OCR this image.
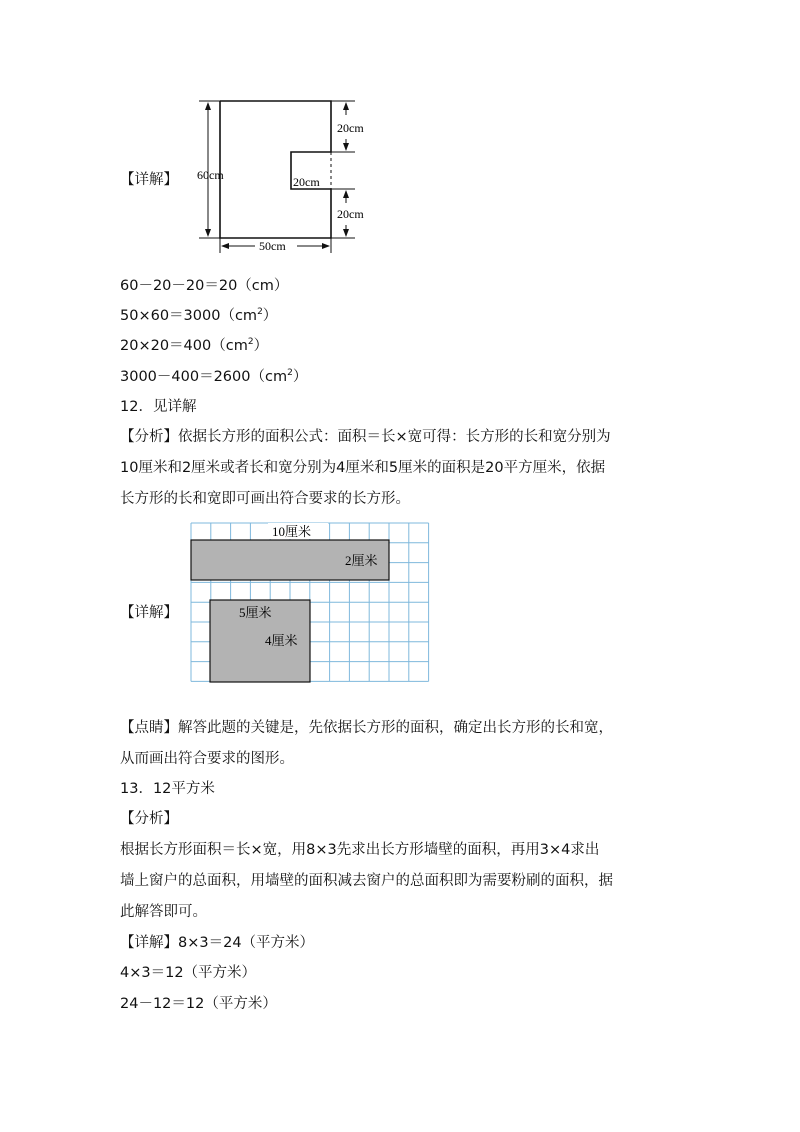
【详解】 60cm
20cm
20cm
20cm
50cm
60－20－20＝20（cm）
$50\times 60=3000(cm^2)$
$20\times 20=400(cm^2)$
$3000-400=2600(cm^2)$
12．见详解
【分析】依据长方形的面积公式：面积＝长×宽可得：长方形的长和宽分别为
10厘米和2厘米或者长和宽分别为4厘米和5厘米的面积是20平方厘米，依据
长方形的长和宽即可画出符合要求的长方形。
【详解】
10厘米
2厘米
5厘米
4厘米
【点睛】解答此题的关键是，先依据长方形的面积，确定出长方形的长和宽，
从而画出符合要求的图形。
13．12平方米
【分析】
根据长方形面积＝长×宽，用8×3先求出长方形墙壁的面积，再用3×4求出
墙上窗户的总面积，用墙壁的面积减去窗户的总面积即为需要粉刷的面积，据
此解答即可。
【详解】8×3＝24（平方米）
4×3＝12（平方米）
24－12＝12（平方米）
